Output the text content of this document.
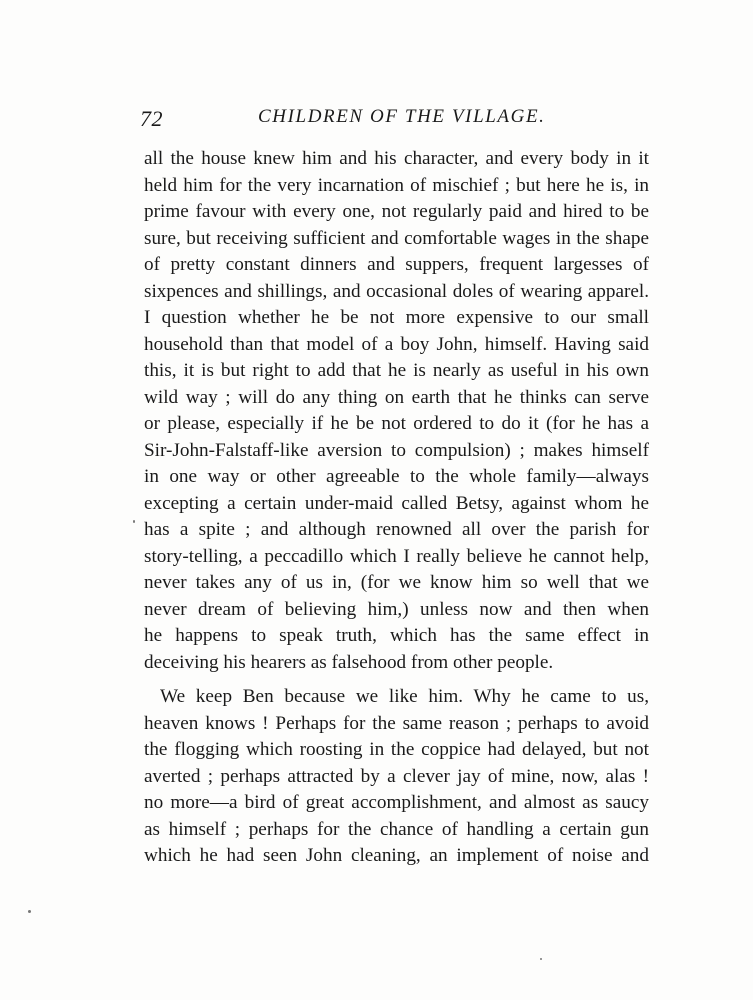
72	CHILDREN OF THE VILLAGE.
all the house knew him and his character, and every body in it
held him for the very incarnation of mischief ; but here he is, in
prime favour with every one, not regularly paid and hired to be
sure, but receiving sufficient and comfortable wages in the shape
of pretty constant dinners and suppers, frequent largesses of
sixpences and shillings, and occasional doles of wearing apparel.
I question whether he be not more expensive to our small
household than that model of a boy John, himself. Having said
this, it is but right to add that he is nearly as useful in his own
wild way ; will do any thing on earth that he thinks can serve
or please, especially if he be not ordered to do it (for he has a
Sir-John-Falstaff-like aversion to compulsion) ; makes himself
in one way or other agreeable to the whole family—always
excepting a certain under-maid called Betsy, against whom he
has a spite ; and although renowned all over the parish for
story-telling, a peccadillo which I really believe he cannot help,
never takes any of us in, (for we know him so well that we
never dream of believing him,) unless now and then when
he happens to speak truth, which has the same effect in
deceiving his hearers as falsehood from other people.
We keep Ben because we like him. Why he came to us,
heaven knows ! Perhaps for the same reason ; perhaps to avoid
the flogging which roosting in the coppice had delayed, but not
averted ; perhaps attracted by a clever jay of mine, now, alas !
no more—a bird of great accomplishment, and almost as saucy
as himself ; perhaps for the chance of handling a certain gun
which he had seen John cleaning, an implement of noise and
